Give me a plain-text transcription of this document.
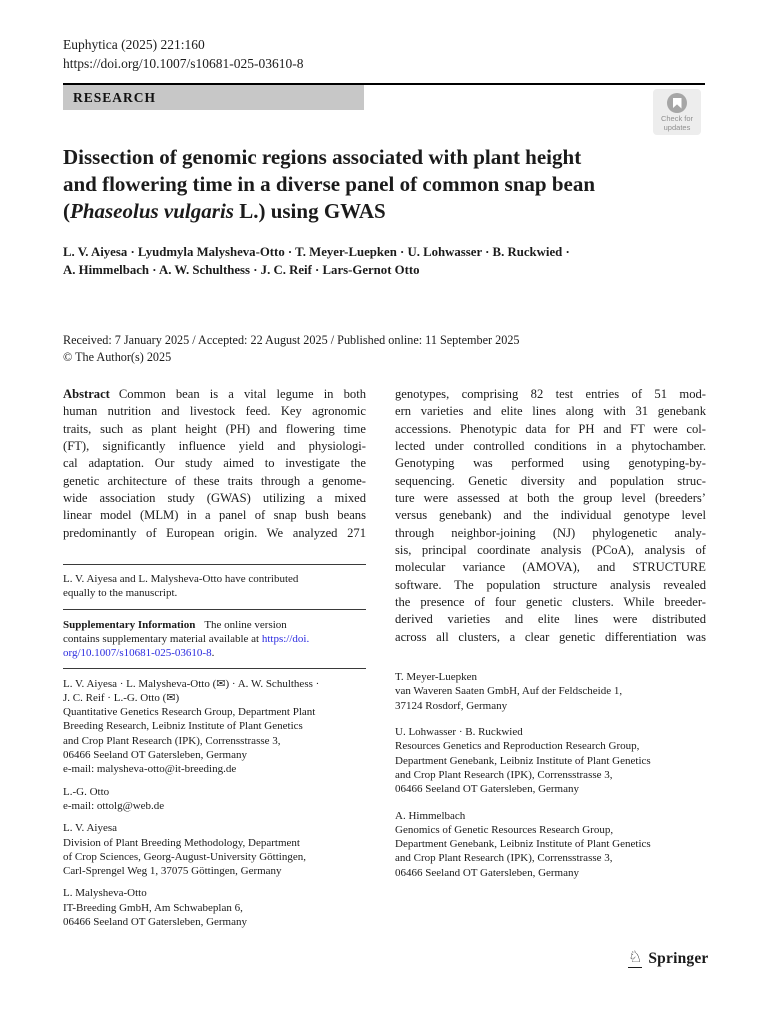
Euphytica (2025) 221:160
https://doi.org/10.1007/s10681-025-03610-8
RESEARCH
Check for
updates
Dissection of genomic regions associated with plant height
and flowering time in a diverse panel of common snap bean
(Phaseolus vulgaris L.) using GWAS
L. V. Aiyesa · Lyudmyla Malysheva-Otto · T. Meyer-Luepken · U. Lohwasser · B. Ruckwied ·
A. Himmelbach · A. W. Schulthess · J. C. Reif · Lars-Gernot Otto
Received: 7 January 2025 / Accepted: 22 August 2025 / Published online: 11 September 2025
© The Author(s) 2025
Abstract Common bean is a vital legume in both
human nutrition and livestock feed. Key agronomic
traits, such as plant height (PH) and flowering time
(FT), significantly influence yield and physiologi-
cal adaptation. Our study aimed to investigate the
genetic architecture of these traits through a genome-
wide association study (GWAS) utilizing a mixed
linear model (MLM) in a panel of snap bush beans
predominantly of European origin. We analyzed 271
L. V. Aiyesa and L. Malysheva-Otto have contributed
equally to the manuscript.
Supplementary Information The online version
contains supplementary material available at https://doi.
org/10.1007/s10681-025-03610-8.
L. V. Aiyesa · L. Malysheva-Otto (✉) · A. W. Schulthess ·
J. C. Reif · L.-G. Otto (✉)
Quantitative Genetics Research Group, Department Plant
Breeding Research, Leibniz Institute of Plant Genetics
and Crop Plant Research (IPK), Corrensstrasse 3,
06466 Seeland OT Gatersleben, Germany
e-mail: malysheva-otto@it-breeding.de
L.-G. Otto
e-mail: ottolg@web.de
L. V. Aiyesa
Division of Plant Breeding Methodology, Department
of Crop Sciences, Georg-August-University Göttingen,
Carl-Sprengel Weg 1, 37075 Göttingen, Germany
L. Malysheva-Otto
IT-Breeding GmbH, Am Schwabeplan 6,
06466 Seeland OT Gatersleben, Germany
genotypes, comprising 82 test entries of 51 mod-
ern varieties and elite lines along with 31 genebank
accessions. Phenotypic data for PH and FT were col-
lected under controlled conditions in a phytochamber.
Genotyping was performed using genotyping-by-
sequencing. Genetic diversity and population struc-
ture were assessed at both the group level (breeders’
versus genebank) and the individual genotype level
through neighbor-joining (NJ) phylogenetic analy-
sis, principal coordinate analysis (PCoA), analysis of
molecular variance (AMOVA), and STRUCTURE
software. The population structure analysis revealed
the presence of four genetic clusters. While breeder-
derived varieties and elite lines were distributed
across all clusters, a clear genetic differentiation was
T. Meyer-Luepken
van Waveren Saaten GmbH, Auf der Feldscheide 1,
37124 Rosdorf, Germany
U. Lohwasser · B. Ruckwied
Resources Genetics and Reproduction Research Group,
Department Genebank, Leibniz Institute of Plant Genetics
and Crop Plant Research (IPK), Corrensstrasse 3,
06466 Seeland OT Gatersleben, Germany
A. Himmelbach
Genomics of Genetic Resources Research Group,
Department Genebank, Leibniz Institute of Plant Genetics
and Crop Plant Research (IPK), Corrensstrasse 3,
06466 Seeland OT Gatersleben, Germany
♘ Springer
